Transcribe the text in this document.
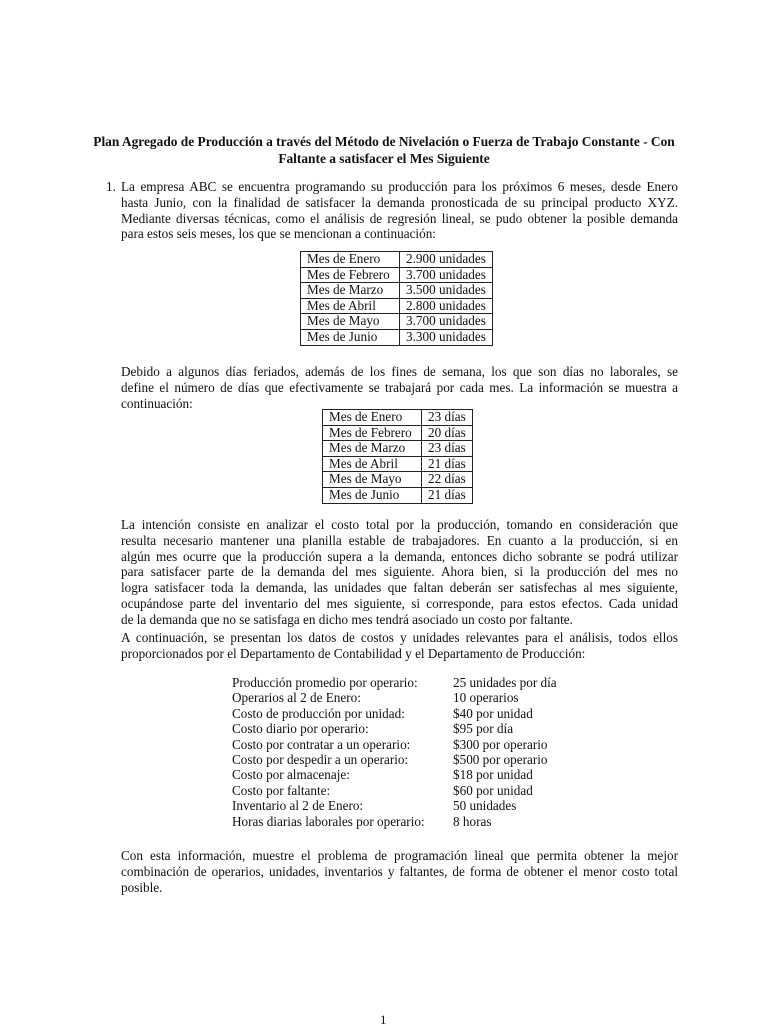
Plan Agregado de Producción a través del Método de Nivelación o Fuerza de Trabajo Constante - Con
Faltante a satisfacer el Mes Siguiente
1. La empresa ABC se encuentra programando su producción para los próximos 6 meses, desde Enero
hasta Junio, con la finalidad de satisfacer la demanda pronosticada de su principal producto XYZ.
Mediante diversas técnicas, como el análisis de regresión lineal, se pudo obtener la posible demanda
para estos seis meses, los que se mencionan a continuación:
Mes de Enero	2.900 unidades
Mes de Febrero	3.700 unidades
Mes de Marzo	3.500 unidades
Mes de Abril	2.800 unidades
Mes de Mayo	3.700 unidades
Mes de Junio	3.300 unidades
Debido a algunos días feriados, además de los fines de semana, los que son días no laborales, se
define el número de días que efectivamente se trabajará por cada mes. La información se muestra a
continuación:
Mes de Enero	23 días
Mes de Febrero	20 días
Mes de Marzo	23 días
Mes de Abril	21 días
Mes de Mayo	22 días
Mes de Junio	21 días
La intención consiste en analizar el costo total por la producción, tomando en consideración que
resulta necesario mantener una planilla estable de trabajadores. En cuanto a la producción, si en
algún mes ocurre que la producción supera a la demanda, entonces dicho sobrante se podrá utilizar
para satisfacer parte de la demanda del mes siguiente. Ahora bien, si la producción del mes no
logra satisfacer toda la demanda, las unidades que faltan deberán ser satisfechas al mes siguiente,
ocupándose parte del inventario del mes siguiente, si corresponde, para estos efectos. Cada unidad
de la demanda que no se satisfaga en dicho mes tendrá asociado un costo por faltante.
A continuación, se presentan los datos de costos y unidades relevantes para el análisis, todos ellos
proporcionados por el Departamento de Contabilidad y el Departamento de Producción:
Producción promedio por operario:	25 unidades por día
Operarios al 2 de Enero:	10 operarios
Costo de producción por unidad:	$40 por unidad
Costo diario por operario:	$95 por día
Costo por contratar a un operario:	$300 por operario
Costo por despedir a un operario:	$500 por operario
Costo por almacenaje:	$18 por unidad
Costo por faltante:	$60 por unidad
Inventario al 2 de Enero:	50 unidades
Horas diarias laborales por operario:	8 horas
Con esta información, muestre el problema de programación lineal que permita obtener la mejor
combinación de operarios, unidades, inventarios y faltantes, de forma de obtener el menor costo total
posible.
1
